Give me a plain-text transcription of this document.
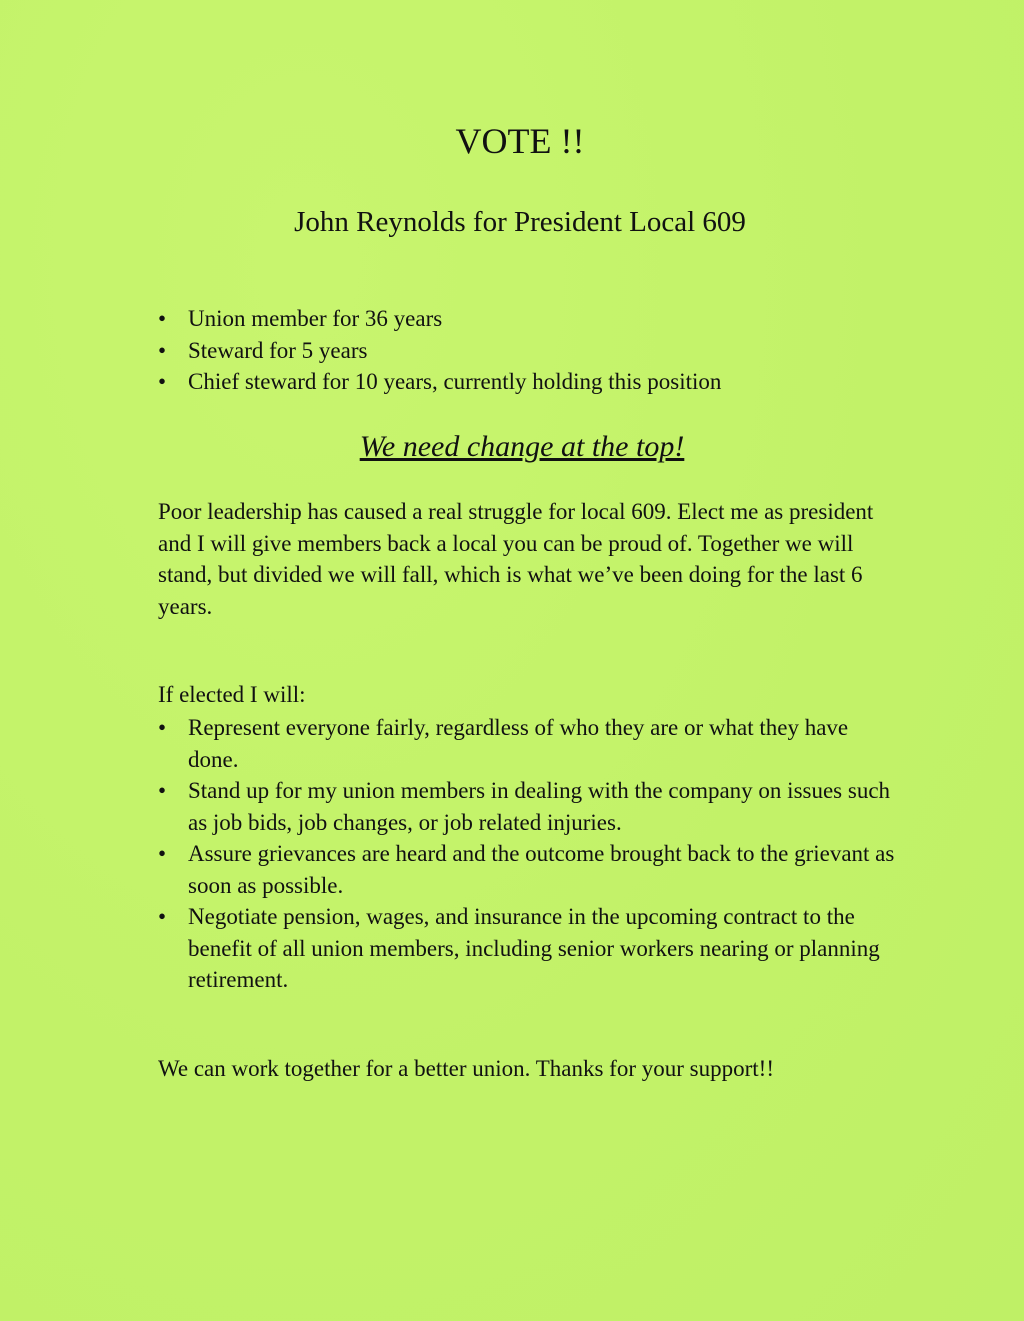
VOTE !!
John Reynolds for President Local 609
• Union member for 36 years
• Steward for 5 years
• Chief steward for 10 years, currently holding this position
We need change at the top!
Poor leadership has caused a real struggle for local 609. Elect me as president and I will give members back a local you can be proud of. Together we will stand, but divided we will fall, which is what we’ve been doing for the last 6 years.
If elected I will:
• Represent everyone fairly, regardless of who they are or what they have done.
• Stand up for my union members in dealing with the company on issues such as job bids, job changes, or job related injuries.
• Assure grievances are heard and the outcome brought back to the grievant as soon as possible.
• Negotiate pension, wages, and insurance in the upcoming contract to the benefit of all union members, including senior workers nearing or planning retirement.
We can work together for a better union. Thanks for your support!!
